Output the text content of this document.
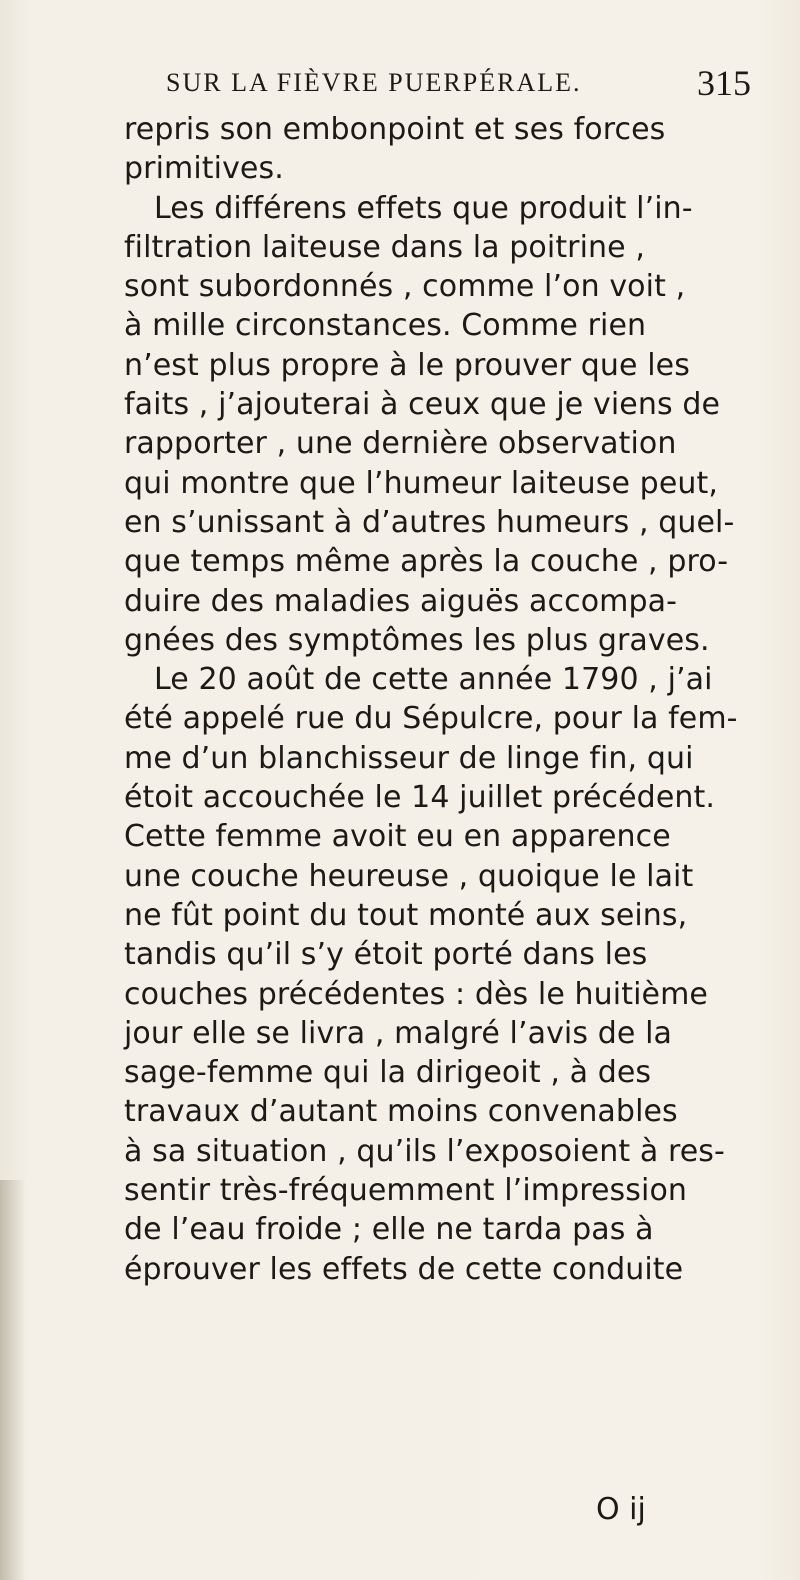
SUR LA FIÈVRE PUERPÉRALE.	315
repris son embonpoint et ses forces
primitives.
Les différens effets que produit l’in-
filtration laiteuse dans la poitrine ,
sont subordonnés , comme l’on voit ,
à mille circonstances. Comme rien
n’est plus propre à le prouver que les
faits , j’ajouterai à ceux que je viens de
rapporter , une dernière observation
qui montre que l’humeur laiteuse peut,
en s’unissant à d’autres humeurs , quel-
que temps même après la couche , pro-
duire des maladies aiguës accompa-
gnées des symptômes les plus graves.
Le 20 août de cette année 1790 , j’ai
été appelé rue du Sépulcre, pour la fem-
me d’un blanchisseur de linge fin, qui
étoit accouchée le 14 juillet précédent.
Cette femme avoit eu en apparence
une couche heureuse , quoique le lait
ne fût point du tout monté aux seins,
tandis qu’il s’y étoit porté dans les
couches précédentes : dès le huitième
jour elle se livra , malgré l’avis de la
sage-femme qui la dirigeoit , à des
travaux d’autant moins convenables
à sa situation , qu’ils l’exposoient à res-
sentir très-fréquemment l’impression
de l’eau froide ; elle ne tarda pas à
éprouver les effets de cette conduite
O ij
